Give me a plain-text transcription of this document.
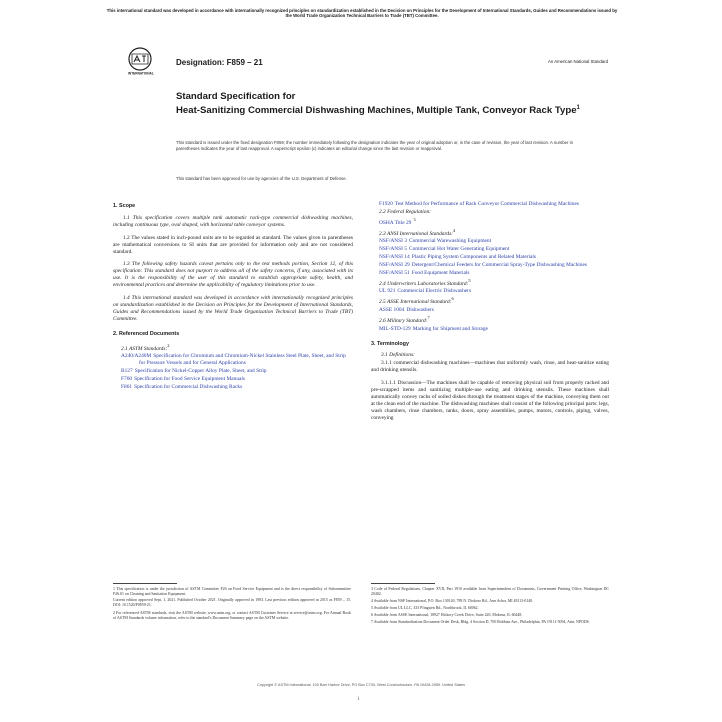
This international standard was developed in accordance with internationally recognized principles on standardization established in the Decision on Principles for the Development of International Standards, Guides and Recommendations issued by the World Trade Organization Technical Barriers to Trade (TBT) Committee.
INTERNATIONAL
Designation: F859 – 21	An American National Standard
Standard Specification for
Heat-Sanitizing Commercial Dishwashing Machines, Multiple Tank, Conveyor Rack Type$^1$
This standard is issued under the fixed designation F859; the number immediately following the designation indicates the year of original adoption or, in the case of revision, the year of last revision. A number in parentheses indicates the year of last reapproval. A superscript epsilon (ε) indicates an editorial change since the last revision or reapproval.
This standard has been approved for use by agencies of the U.S. Department of Defense.
1. Scope
1.1 This specification covers multiple tank automatic rack-type commercial dishwashing machines, including continuous type, oval shaped, with horizontal table conveyor systems.
1.2 The values stated in inch-pound units are to be regarded as standard. The values given in parentheses are mathematical conversions to SI units that are provided for information only and are not considered standard.
1.3 The following safety hazards caveat pertains only to the test methods portion, Section 12, of this specification: This standard does not purport to address all of the safety concerns, if any, associated with its use. It is the responsibility of the user of this standard to establish appropriate safety, health, and environmental practices and determine the applicability of regulatory limitations prior to use.
1.4 This international standard was developed in accordance with internationally recognized principles on standardization established in the Decision on Principles for the Development of International Standards, Guides and Recommendations issued by the World Trade Organization Technical Barriers to Trade (TBT) Committee.
2. Referenced Documents
2.1 ASTM Standards:$^2$
A240/A240M Specification for Chromium and Chromium-Nickel Stainless Steel Plate, Sheet, and Strip for Pressure Vessels and for General Applications
B127 Specification for Nickel-Copper Alloy Plate, Sheet, and Strip
F760 Specification for Food Service Equipment Manuals
F861 Specification for Commercial Dishwashing Racks
1 This specification is under the jurisdiction of ASTM Committee F26 on Food Service Equipment and is the direct responsibility of Subcommittee F26.01 on Cleaning and Sanitation Equipment.
Current edition approved Sept. 1, 2021. Published October 2021. Originally approved in 1983. Last previous edition approved in 2015 as F859 – 15. DOI: 10.1520/F0859-21.
2 For referenced ASTM standards, visit the ASTM website, www.astm.org, or contact ASTM Customer Service at service@astm.org. For Annual Book of ASTM Standards volume information, refer to the standard's Document Summary page on the ASTM website.
F1920 Test Method for Performance of Rack Conveyor Commercial Dishwashing Machines
2.2 Federal Regulation:
OSHA Title $29^3$
2.3 ANSI International Standards:$^4$
NSF/ANSI 3 Commercial Warewashing Equipment
NSF/ANSI 5 Commercial Hot Water Generating Equipment
NSF/ANSI 14 Plastic Piping System Components and Related Materials
NSF/ANSI 29 Detergent/Chemical Feeders for Commercial Spray-Type Dishwashing Machines
NSF/ANSI 51 Food Equipment Materials
2.4 Underwriters Laboratories Standard:$^5$
UL 921 Commercial Electric Dishwashers
2.5 ASSE International Standard:$^6$
ASSE 1004 Dishwashers
2.6 Military Standard:$^7$
MIL-STD-129 Marking for Shipment and Storage
3. Terminology
3.1 Definitions:
3.1.1 commercial dishwashing machines—machines that uniformly wash, rinse, and heat-sanitize eating and drinking utensils.
3.1.1.1 Discussion—The machines shall be capable of removing physical soil from properly racked and pre-scrapped items and sanitizing multiple-use eating and drinking utensils. These machines shall automatically convey racks of soiled dishes through the treatment stages of the machine, conveying them out at the clean end of the machine. The dishwashing machines shall consist of the following principal parts: legs, wash chambers, rinse chambers, tanks, doors, spray assemblies, pumps, motors, controls, piping, valves, conveying
3 Code of Federal Regulations, Chapter XVII, Part 1910 available from Superintendent of Documents, Government Printing Office, Washington DC 20402.
4 Available from NSF International, P.O. Box 130140, 789 N. Dixboro Rd., Ann Arbor, MI 48113-0140.
5 Available from UL LLC, 333 Pfingsten Rd., Northbrook, IL 60062.
6 Available from ASSE International, 18927 Hickory Creek Drive, Suite 220, Mokena, IL 60448.
7 Available from Standardization Document Order Desk, Bldg. 4 Section D, 700 Robbins Ave., Philadelphia, PA 19111-5094, Attn: NPODS.
Copyright © ASTM International, 100 Barr Harbor Drive, PO Box C700, West Conshohocken, PA 19428-2959. United States
1
